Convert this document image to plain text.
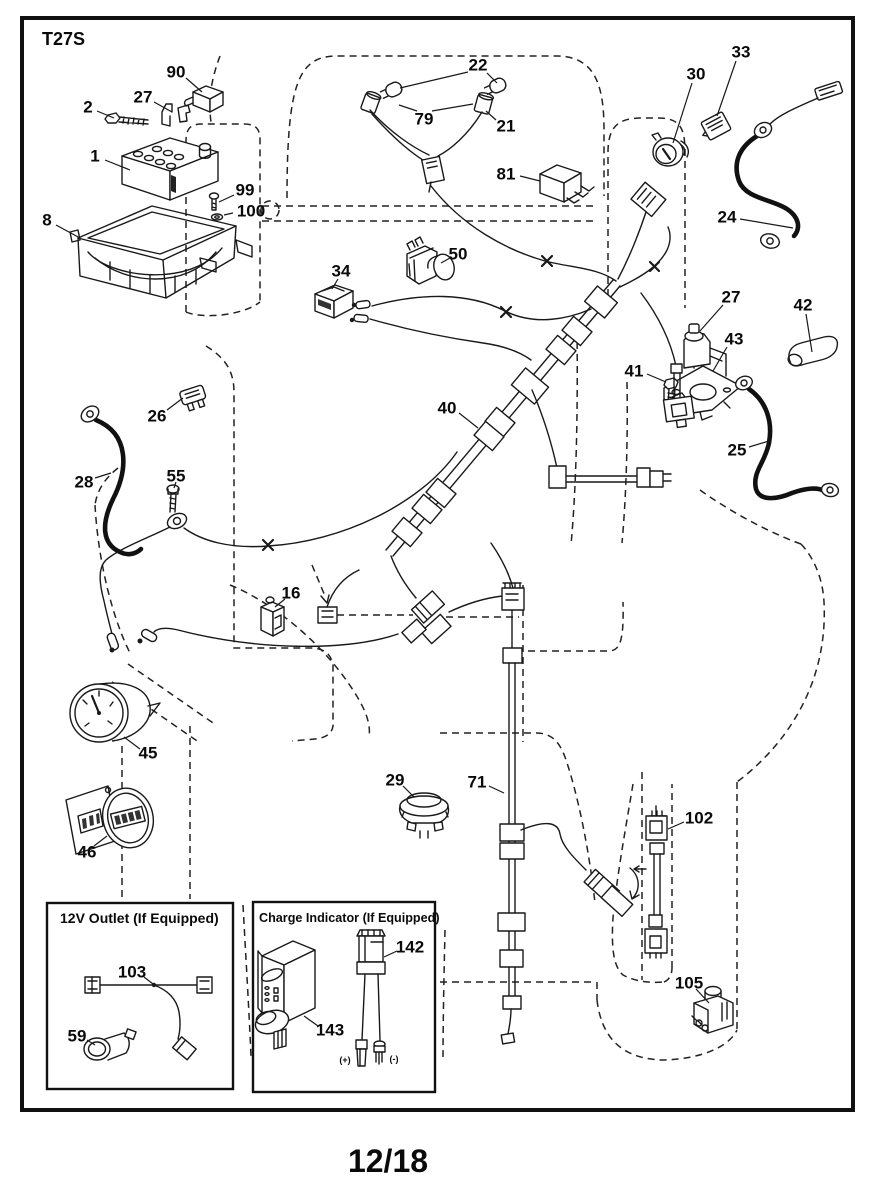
T27S
12V Outlet (If Equipped)	Charge Indicator (If Equipped)
(+)	(-)
90
27
2
1
99
100
8
22
79	21
81
30
33
24
27
43
42
41
25
40
34
50
26
28	55
16
45
46
29	71
102
105
103
59
142
143
12/18
